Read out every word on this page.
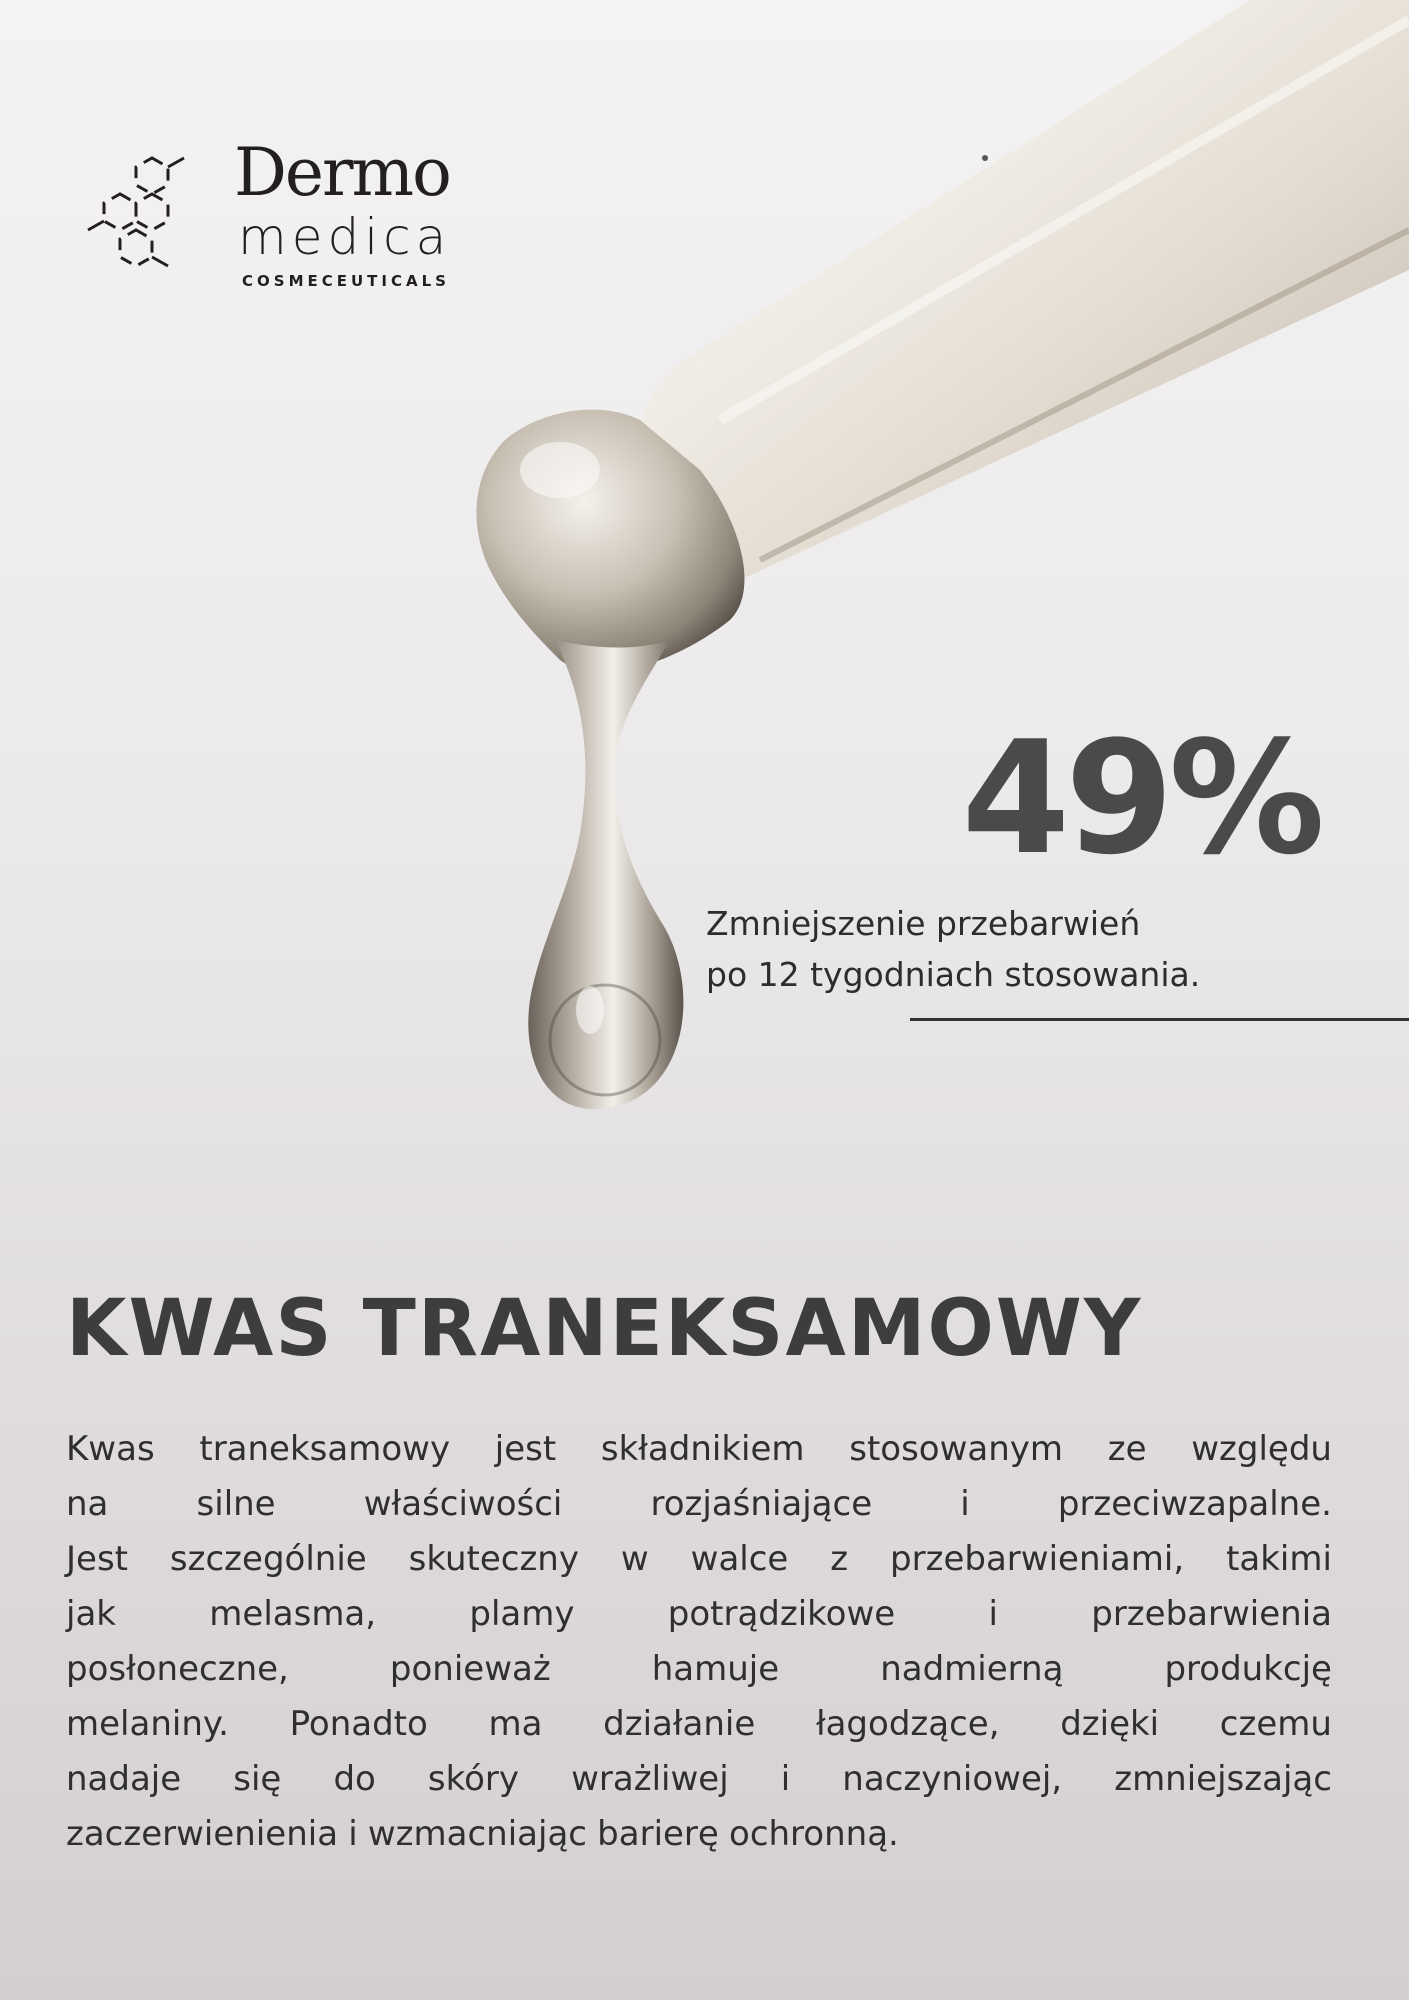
Dermo
medica
COSMECEUTICALS
49%
Zmniejszenie przebarwień
po 12 tygodniach stosowania.
KWAS TRANEKSAMOWY
Kwas traneksamowy jest składnikiem stosowanym ze względu
na	silne	właściwości	rozjaśniające	i	przeciwzapalne.
Jest szczególnie skuteczny w walce z przebarwieniami, takimi
jak	melasma,	plamy	potrądzikowe	i	przebarwienia
posłoneczne,	ponieważ	hamuje	nadmierną	produkcję
melaniny. Ponadto ma działanie łagodzące, dzięki czemu
nadaje się do skóry wrażliwej i naczyniowej, zmniejszając
zaczerwienienia i wzmacniając barierę ochronną.
